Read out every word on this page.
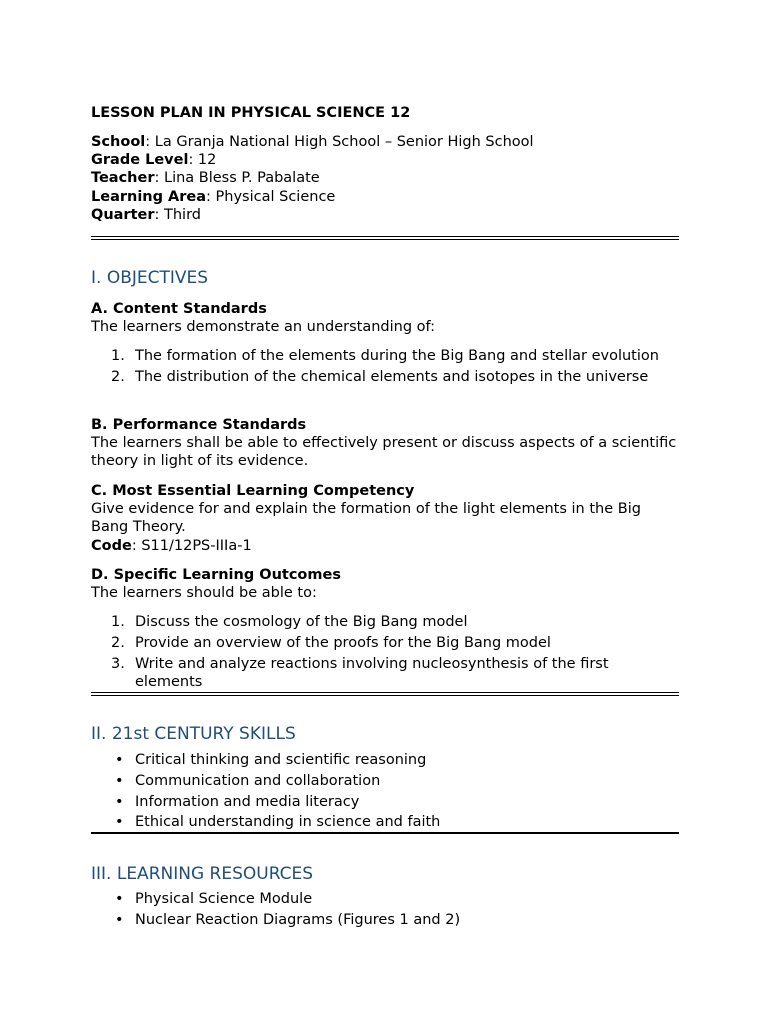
LESSON PLAN IN PHYSICAL SCIENCE 12
School: La Granja National High School – Senior High School
Grade Level: 12
Teacher: Lina Bless P. Pabalate
Learning Area: Physical Science
Quarter: Third
I. OBJECTIVES
A. Content Standards
The learners demonstrate an understanding of:
1. The formation of the elements during the Big Bang and stellar evolution
2. The distribution of the chemical elements and isotopes in the universe
B. Performance Standards
The learners shall be able to effectively present or discuss aspects of a scientific theory in light of its evidence.
C. Most Essential Learning Competency
Give evidence for and explain the formation of the light elements in the Big Bang Theory.
Code: S11/12PS-IIIa-1
D. Specific Learning Outcomes
The learners should be able to:
1. Discuss the cosmology of the Big Bang model
2. Provide an overview of the proofs for the Big Bang model
3. Write and analyze reactions involving nucleosynthesis of the first elements
II. 21st CENTURY SKILLS
• Critical thinking and scientific reasoning
• Communication and collaboration
• Information and media literacy
• Ethical understanding in science and faith
III. LEARNING RESOURCES
• Physical Science Module
• Nuclear Reaction Diagrams (Figures 1 and 2)
